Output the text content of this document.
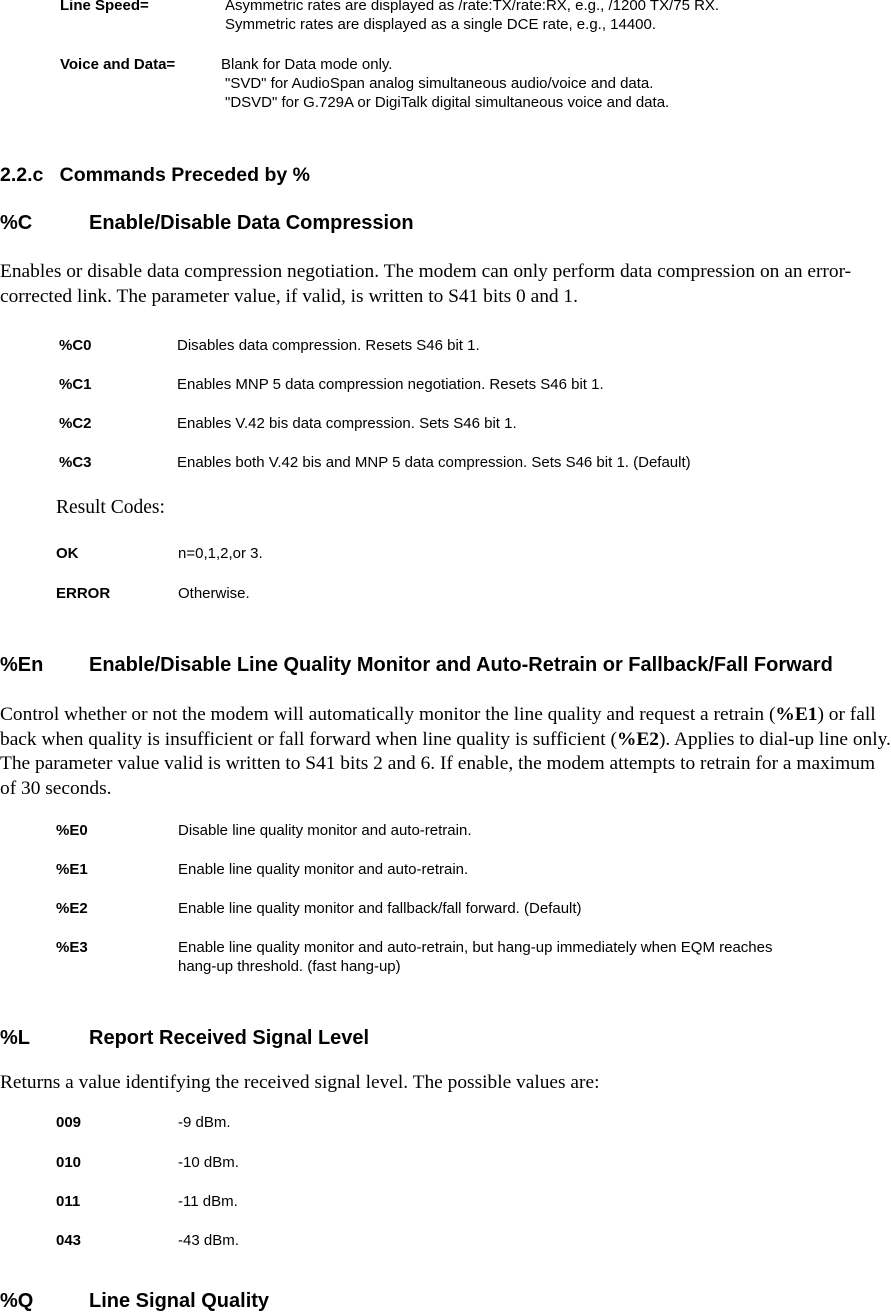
Line Speed=	Asymmetric rates are displayed as /rate:TX/rate:RX, e.g., /1200 TX/75 RX.
Symmetric rates are displayed as a single DCE rate, e.g., 14400.
Voice and Data=	Blank for Data mode only.
"SVD" for AudioSpan analog simultaneous audio/voice and data.
"DSVD" for G.729A or DigiTalk digital simultaneous voice and data.
2.2.c   Commands Preceded by %
%C	Enable/Disable Data Compression

Enables or disable data compression negotiation. The modem can only perform data compression on an error-corrected link. The parameter value, if valid, is written to S41 bits 0 and 1.

%C0	Disables data compression. Resets S46 bit 1.
%C1	Enables MNP 5 data compression negotiation. Resets S46 bit 1.
%C2	Enables V.42 bis data compression. Sets S46 bit 1.
%C3	Enables both V.42 bis and MNP 5 data compression. Sets S46 bit 1. (Default)
Result Codes:
OK	n=0,1,2,or 3.
ERROR	Otherwise.
%En Enable/Disable Line Quality Monitor and Auto-Retrain or Fallback/Fall Forward

Control whether or not the modem will automatically monitor the line quality and request a retrain (%E1) or fall back when quality is insufficient or fall forward when line quality is sufficient (%E2). Applies to dial-up line only. The parameter value valid is written to S41 bits 2 and 6. If enable, the modem attempts to retrain for a maximum of 30 seconds.

%E0	Disable line quality monitor and auto-retrain.
%E1	Enable line quality monitor and auto-retrain.
%E2	Enable line quality monitor and fallback/fall forward. (Default)
%E3	Enable line quality monitor and auto-retrain, but hang-up immediately when EQM reaches
hang-up threshold. (fast hang-up)
%L	Report Received Signal Level

Returns a value identifying the received signal level. The possible values are:

009	-9 dBm.
010	-10 dBm.
011	-11 dBm.
043	-43 dBm.
%Q	Line Signal Quality
